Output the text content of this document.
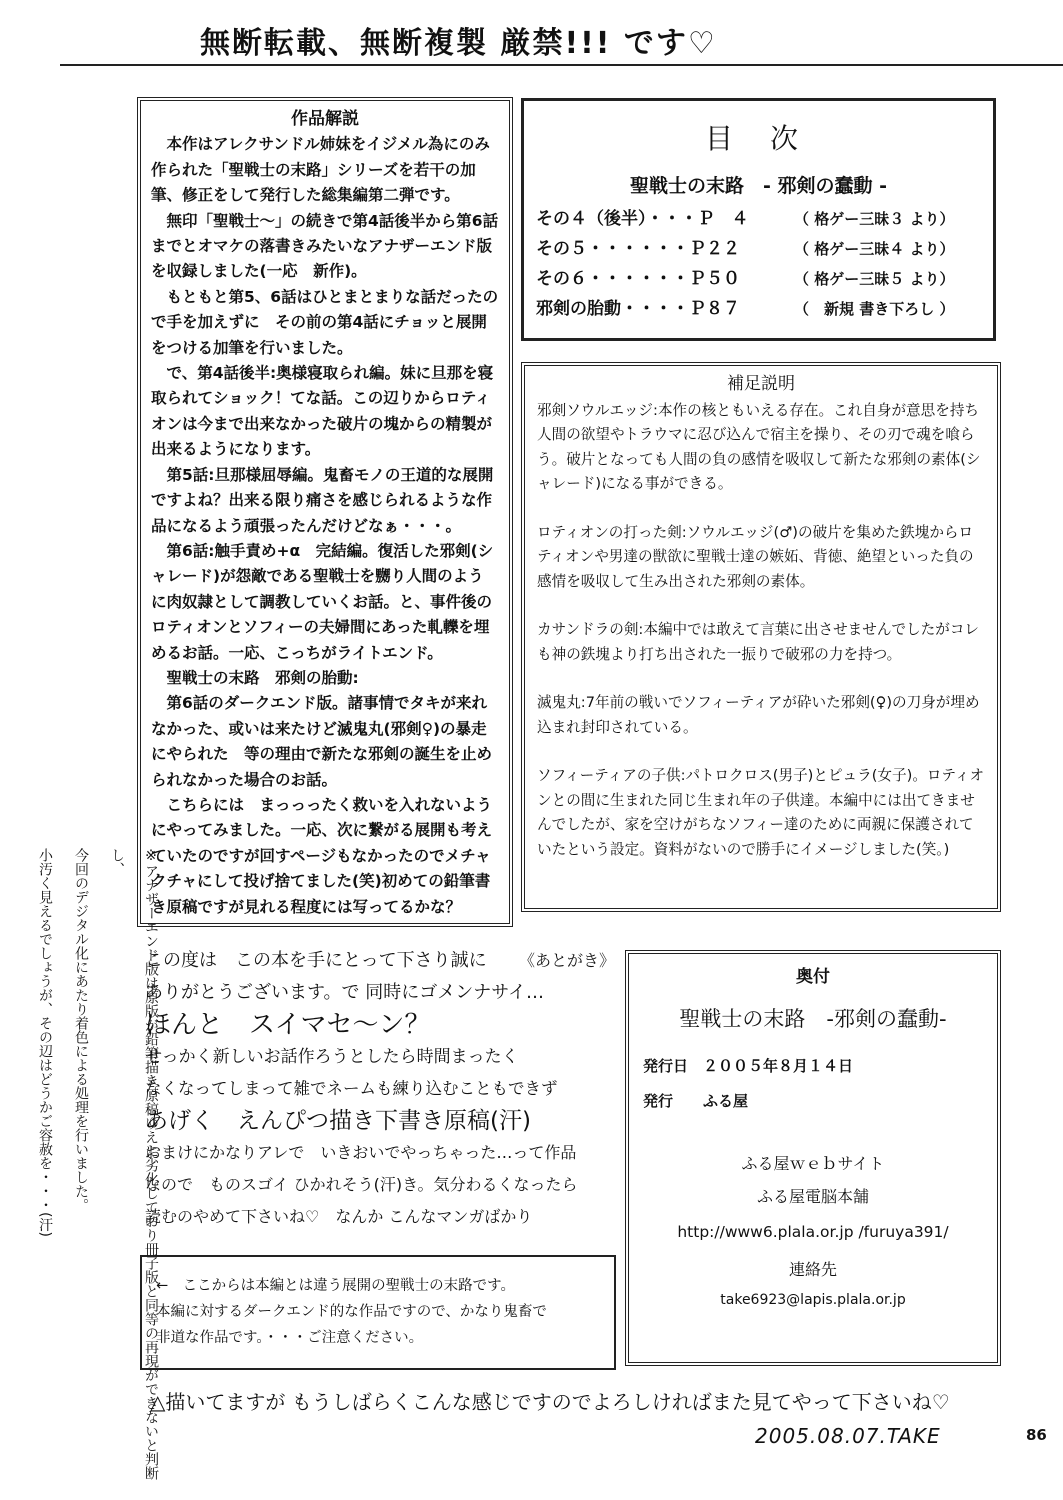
無断転載、無断複製 厳禁!!! です♡
作品解説

本作はアレクサンドル姉妹をイジメル為にのみ作られた「聖戦士の末路」シリーズを若干の加筆、修正をして発行した総集編第二弾です。

無印「聖戦士～」の続きで第4話後半から第6話までとオマケの落書きみたいなアナザーエンド版を収録しました(一応　新作)。

もともと第5、6話はひとまとまりな話だったので手を加えずに　その前の第4話にチョッと展開をつける加筆を行いました。

で、第4話後半:奥様寝取られ編。妹に旦那を寝取られてショック！てな話。この辺りからロティオンは今まで出来なかった破片の塊からの精製が出来るようになります。

第5話:旦那様屈辱編。鬼畜モノの王道的な展開ですよね？出来る限り痛さを感じられるような作品になるよう頑張ったんだけどなぁ・・・。

第6話:触手責め+α　完結編。復活した邪剣(シャレード)が怨敵である聖戦士を嬲り人間のように肉奴隷として調教していくお話。と、事件後のロティオンとソフィーの夫婦間にあった軋轢を埋めるお話。一応、こっちがライトエンド。

聖戦士の末路　邪剣の胎動:

第6話のダークエンド版。諸事情でタキが来れなかった、或いは来たけど滅鬼丸(邪剣♀)の暴走にやられた　等の理由で新たな邪剣の誕生を止められなかった場合のお話。

こちらには　まっっったく救いを入れないようにやってみました。一応、次に繋がる展開も考えていたのですが回すページもなかったのでメチャクチャにして投げ捨てました(笑)初めての鉛筆書き原稿ですが見れる程度には写ってるかな？

目 次
聖戦士の末路　- 邪剣の蠢動 -
その４（後半）・・・Ｐ　４	（ 格ゲー三昧３ より）
その５・・・・・・Ｐ２２	（ 格ゲー三昧４ より）
その６・・・・・・Ｐ５０	（ 格ゲー三昧５ より）
邪剣の胎動・・・・Ｐ８７	（　新規 書き下ろし ）
補足説明

邪剣ソウルエッジ:本作の核ともいえる存在。これ自身が意思を持ち人間の欲望やトラウマに忍び込んで宿主を操り、その刃で魂を喰らう。破片となっても人間の負の感情を吸収して新たな邪剣の素体(シャレード)になる事ができる。

ロティオンの打った剣:ソウルエッジ(♂)の破片を集めた鉄塊からロティオンや男達の獣欲に聖戦士達の嫉妬、背徳、絶望といった負の感情を吸収して生み出された邪剣の素体。

カサンドラの剣:本編中では敢えて言葉に出させませんでしたがコレも神の鉄塊より打ち出された一振りで破邪の力を持つ。

滅鬼丸:7年前の戦いでソフィーティアが砕いた邪剣(♀)の刀身が埋め込まれ封印されている。

ソフィーティアの子供:パトロクロス(男子)とピュラ(女子)。ロティオンとの間に生まれた同じ生まれ年の子供達。本編中には出てきませんでしたが、家を空けがちなソフィー達のために両親に保護されていたという設定。資料がないので勝手にイメージしました(笑。)

この度は　この本を手にとって下さり誠に 《あとがき》
ありがとうございます。で 同時にゴメンナサイ…
ほんと　スイマセ～ン？
せっかく新しいお話作ろうとしたら時間まったく
なくなってしまって雑でネームも練り込むこともできず
あげく　えんぴつ描き下書き原稿(汗)
おまけにかなりアレで　いきおいでやっちゃった…って作品
なので　ものスゴイ ひかれそう(汗)き。気分わるくなったら
読むのやめて下さいね♡　なんか こんなマンガばかり
←　ここからは本編とは違う展開の聖戦士の末路です。
本編に対するダークエンド的な作品ですので、かなり鬼畜で
非道な作品です。・・・ご注意ください。
奥付
聖戦士の末路　-邪剣の蠢動-
発行日　 ２００５年８月１４日
発行　　 ふる屋
ふる屋ｗｅｂサイト
ふる屋電脳本舗
http://www6.plala.or.jp /furuya391/
連絡先
take6923@lapis.plala.or.jp
※アナザーエンド版は原版が鉛筆描き原稿ゆえに劣化しており冊子版と同等の再現ができないと判断し、
今回のデジタル化にあたり着色による処理を行いました。
小汚く見えるでしょうが、その辺はどうかご容赦を・・・(汗)
△描いてますが もうしばらくこんな感じですのでよろしければまた見てやって下さいね♡
2005.08.07.TAKE	86
